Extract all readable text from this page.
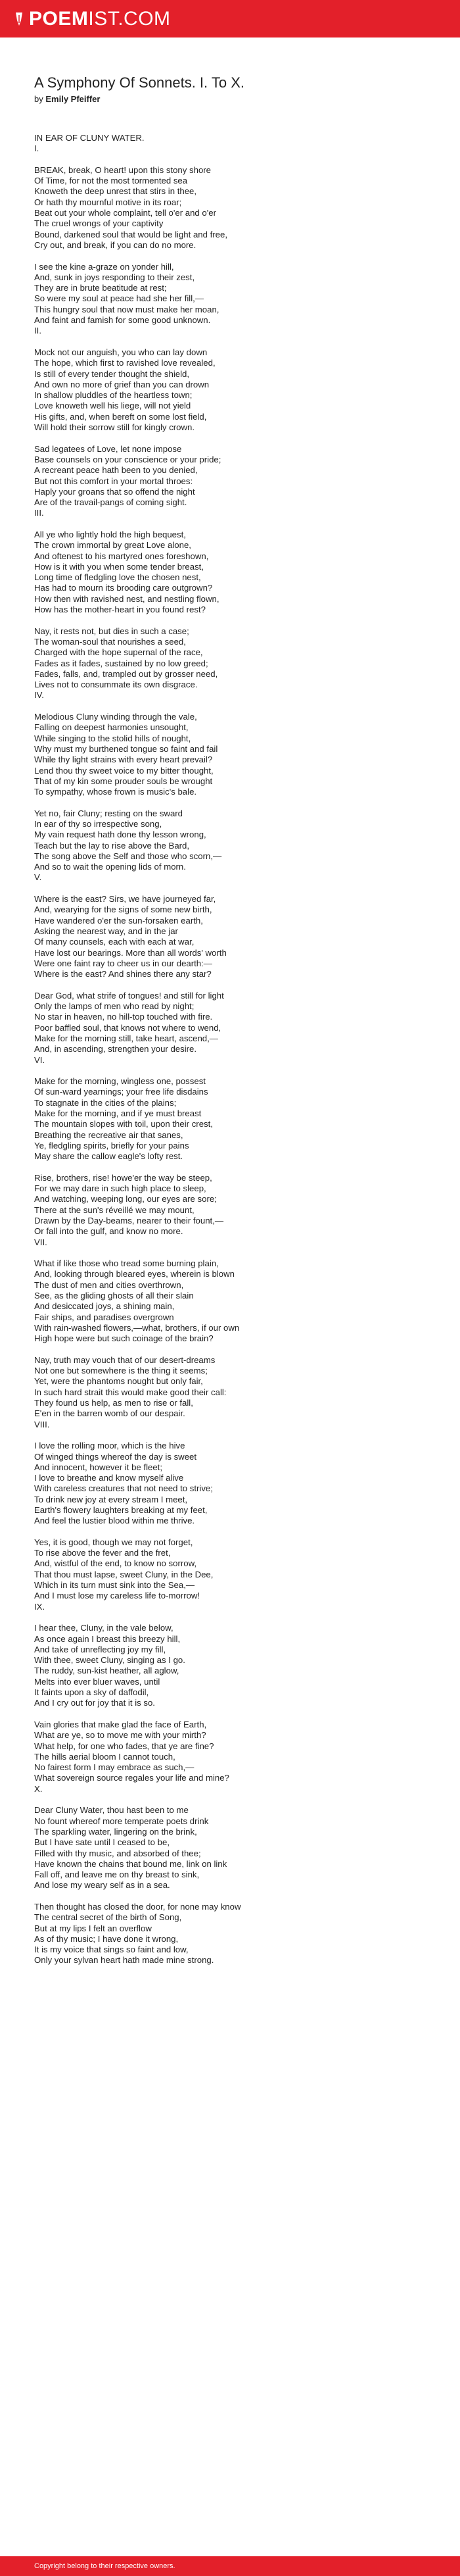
POEMIST.COM
A Symphony Of Sonnets. I. To X.
by Emily Pfeiffer
IN EAR OF CLUNY WATER.
I.

BREAK, break, O heart! upon this stony shore
Of Time, for not the most tormented sea
Knoweth the deep unrest that stirs in thee,
Or hath thy mournful motive in its roar;
Beat out your whole complaint, tell o'er and o'er
The cruel wrongs of your captivity
Bound, darkened soul that would be light and free,
Cry out, and break, if you can do no more.

I see the kine a-graze on yonder hill,
And, sunk in joys responding to their zest,
They are in brute beatitude at rest;
So were my soul at peace had she her fill,—
This hungry soul that now must make her moan,
And faint and famish for some good unknown.
II.

Mock not our anguish, you who can lay down
The hope, which first to ravished love revealed,
Is still of every tender thought the shield,
And own no more of grief than you can drown
In shallow pluddles of the heartless town;
Love knoweth well his liege, will not yield
His gifts, and, when bereft on some lost field,
Will hold their sorrow still for kingly crown.

Sad legatees of Love, let none impose
Base counsels on your conscience or your pride;
A recreant peace hath been to you denied,
But not this comfort in your mortal throes:
Haply your groans that so offend the night
Are of the travail-pangs of coming sight.
III.

All ye who lightly hold the high bequest,
The crown immortal by great Love alone,
And oftenest to his martyred ones foreshown,
How is it with you when some tender breast,
Long time of fledgling love the chosen nest,
Has had to mourn its brooding care outgrown?
How then with ravished nest, and nestling flown,
How has the mother-heart in you found rest?

Nay, it rests not, but dies in such a case;
The woman-soul that nourishes a seed,
Charged with the hope supernal of the race,
Fades as it fades, sustained by no low greed;
Fades, falls, and, trampled out by grosser need,
Lives not to consummate its own disgrace.
IV.

Melodious Cluny winding through the vale,
Falling on deepest harmonies unsought,
While singing to the stolid hills of nought,
Why must my burthened tongue so faint and fail
While thy light strains with every heart prevail?
Lend thou thy sweet voice to my bitter thought,
That of my kin some prouder souls be wrought
To sympathy, whose frown is music's bale.

Yet no, fair Cluny; resting on the sward
In ear of thy so irrespective song,
My vain request hath done thy lesson wrong,
Teach but the lay to rise above the Bard,
The song above the Self and those who scorn,—
And so to wait the opening lids of morn.
V.

Where is the east? Sirs, we have journeyed far,
And, wearying for the signs of some new birth,
Have wandered o'er the sun-forsaken earth,
Asking the nearest way, and in the jar
Of many counsels, each with each at war,
Have lost our bearings. More than all words' worth
Were one faint ray to cheer us in our dearth:—
Where is the east? And shines there any star?

Dear God, what strife of tongues! and still for light
Only the lamps of men who read by night;
No star in heaven, no hill-top touched with fire.
Poor baffled soul, that knows not where to wend,
Make for the morning still, take heart, ascend,—
And, in ascending, strengthen your desire.
VI.

Make for the morning, wingless one, possest
Of sun-ward yearnings; your free life disdains
To stagnate in the cities of the plains;
Make for the morning, and if ye must breast
The mountain slopes with toil, upon their crest,
Breathing the recreative air that sanes,
Ye, fledgling spirits, briefly for your pains
May share the callow eagle's lofty rest.

Rise, brothers, rise! howe'er the way be steep,
For we may dare in such high place to sleep,
And watching, weeping long, our eyes are sore;
There at the sun's réveillé we may mount,
Drawn by the Day-beams, nearer to their fount,—
Or fall into the gulf, and know no more.
VII.

What if like those who tread some burning plain,
And, looking through bleared eyes, wherein is blown
The dust of men and cities overthrown,
See, as the gliding ghosts of all their slain
And desiccated joys, a shining main,
Fair ships, and paradises overgrown
With rain-washed flowers,—what, brothers, if our own
High hope were but such coinage of the brain?

Nay, truth may vouch that of our desert-dreams
Not one but somewhere is the thing it seems;
Yet, were the phantoms nought but only fair,
In such hard strait this would make good their call:
They found us help, as men to rise or fall,
E'en in the barren womb of our despair.
VIII.

I love the rolling moor, which is the hive
Of winged things whereof the day is sweet
And innocent, however it be fleet;
I love to breathe and know myself alive
With careless creatures that not need to strive;
To drink new joy at every stream I meet,
Earth's flowery laughters breaking at my feet,
And feel the lustier blood within me thrive.

Yes, it is good, though we may not forget,
To rise above the fever and the fret,
And, wistful of the end, to know no sorrow,
That thou must lapse, sweet Cluny, in the Dee,
Which in its turn must sink into the Sea,—
And I must lose my careless life to-morrow!
IX.

I hear thee, Cluny, in the vale below,
As once again I breast this breezy hill,
And take of unreflecting joy my fill,
With thee, sweet Cluny, singing as I go.
The ruddy, sun-kist heather, all aglow,
Melts into ever bluer waves, until
It faints upon a sky of daffodil,
And I cry out for joy that it is so.

Vain glories that make glad the face of Earth,
What are ye, so to move me with your mirth?
What help, for one who fades, that ye are fine?
The hills aerial bloom I cannot touch,
No fairest form I may embrace as such,—
What sovereign source regales your life and mine?
X.

Dear Cluny Water, thou hast been to me
No fount whereof more temperate poets drink
The sparkling water, lingering on the brink,
But I have sate until I ceased to be,
Filled with thy music, and absorbed of thee;
Have known the chains that bound me, link on link
Fall off, and leave me on thy breast to sink,
And lose my weary self as in a sea.

Then thought has closed the door, for none may know
The central secret of the birth of Song,
But at my lips I felt an overflow
As of thy music; I have done it wrong,
It is my voice that sings so faint and low,
Only your sylvan heart hath made mine strong.
Copyright belong to their respective owners.
